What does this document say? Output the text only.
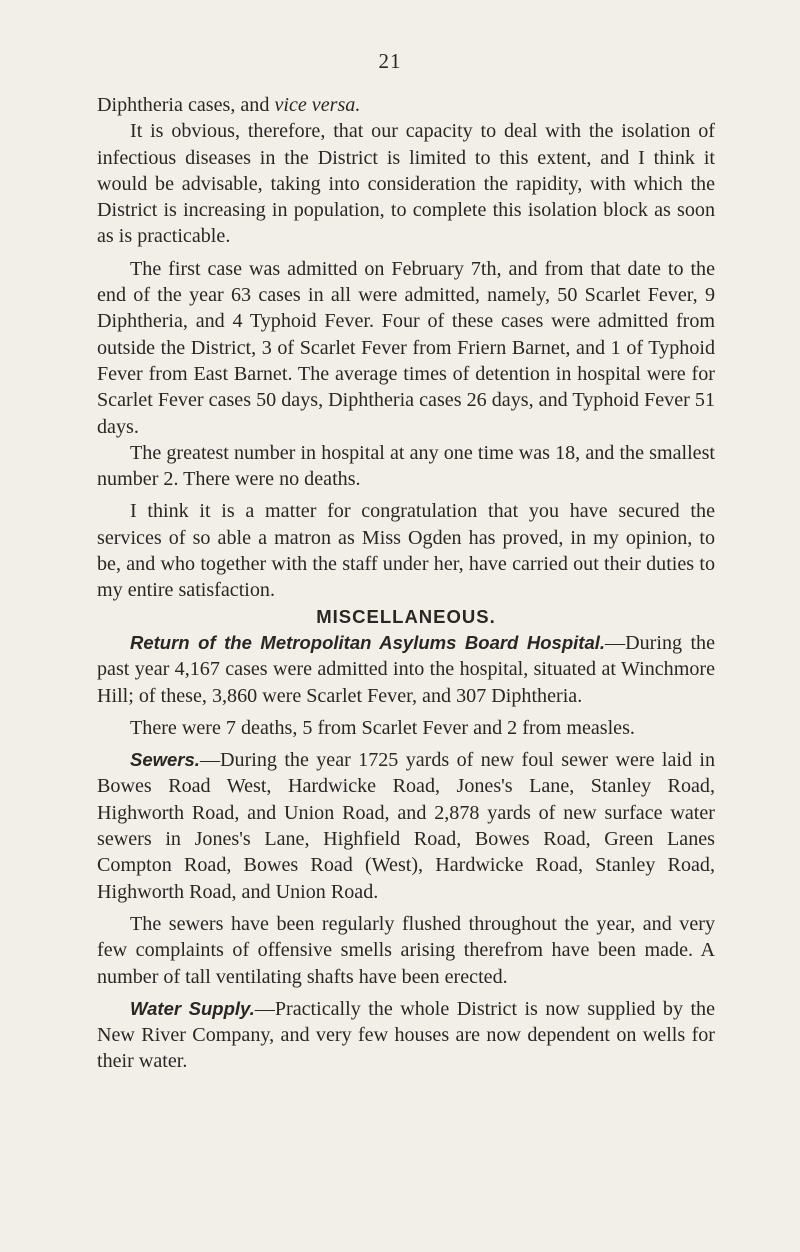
21

Diphtheria cases, and vice versa.

It is obvious, therefore, that our capacity to deal with the isolation of infectious diseases in the District is limited to this extent, and I think it would be advisable, taking into consideration the rapidity, with which the District is increasing in population, to complete this isolation block as soon as is practicable.

The first case was admitted on February 7th, and from that date to the end of the year 63 cases in all were admitted, namely, 50 Scarlet Fever, 9 Diphtheria, and 4 Typhoid Fever. Four of these cases were admitted from outside the District, 3 of Scarlet Fever from Friern Barnet, and 1 of Typhoid Fever from East Barnet. The average times of detention in hospital were for Scarlet Fever cases 50 days, Diphtheria cases 26 days, and Typhoid Fever 51 days.

The greatest number in hospital at any one time was 18, and the smallest number 2. There were no deaths.

I think it is a matter for congratulation that you have secured the services of so able a matron as Miss Ogden has proved, in my opinion, to be, and who together with the staff under her, have carried out their duties to my entire satisfaction.

MISCELLANEOUS.

Return of the Metropolitan Asylums Board Hospital.—During the past year 4,167 cases were admitted into the hospital, situated at Winchmore Hill; of these, 3,860 were Scarlet Fever, and 307 Diphtheria.

There were 7 deaths, 5 from Scarlet Fever and 2 from measles.

Sewers.—During the year 1725 yards of new foul sewer were laid in Bowes Road West, Hardwicke Road, Jones's Lane, Stanley Road, Highworth Road, and Union Road, and 2,878 yards of new surface water sewers in Jones's Lane, Highfield Road, Bowes Road, Green Lanes Compton Road, Bowes Road (West), Hardwicke Road, Stanley Road, Highworth Road, and Union Road.

The sewers have been regularly flushed throughout the year, and very few complaints of offensive smells arising therefrom have been made. A number of tall ventilating shafts have been erected.

Water Supply.—Practically the whole District is now supplied by the New River Company, and very few houses are now dependent on wells for their water.
